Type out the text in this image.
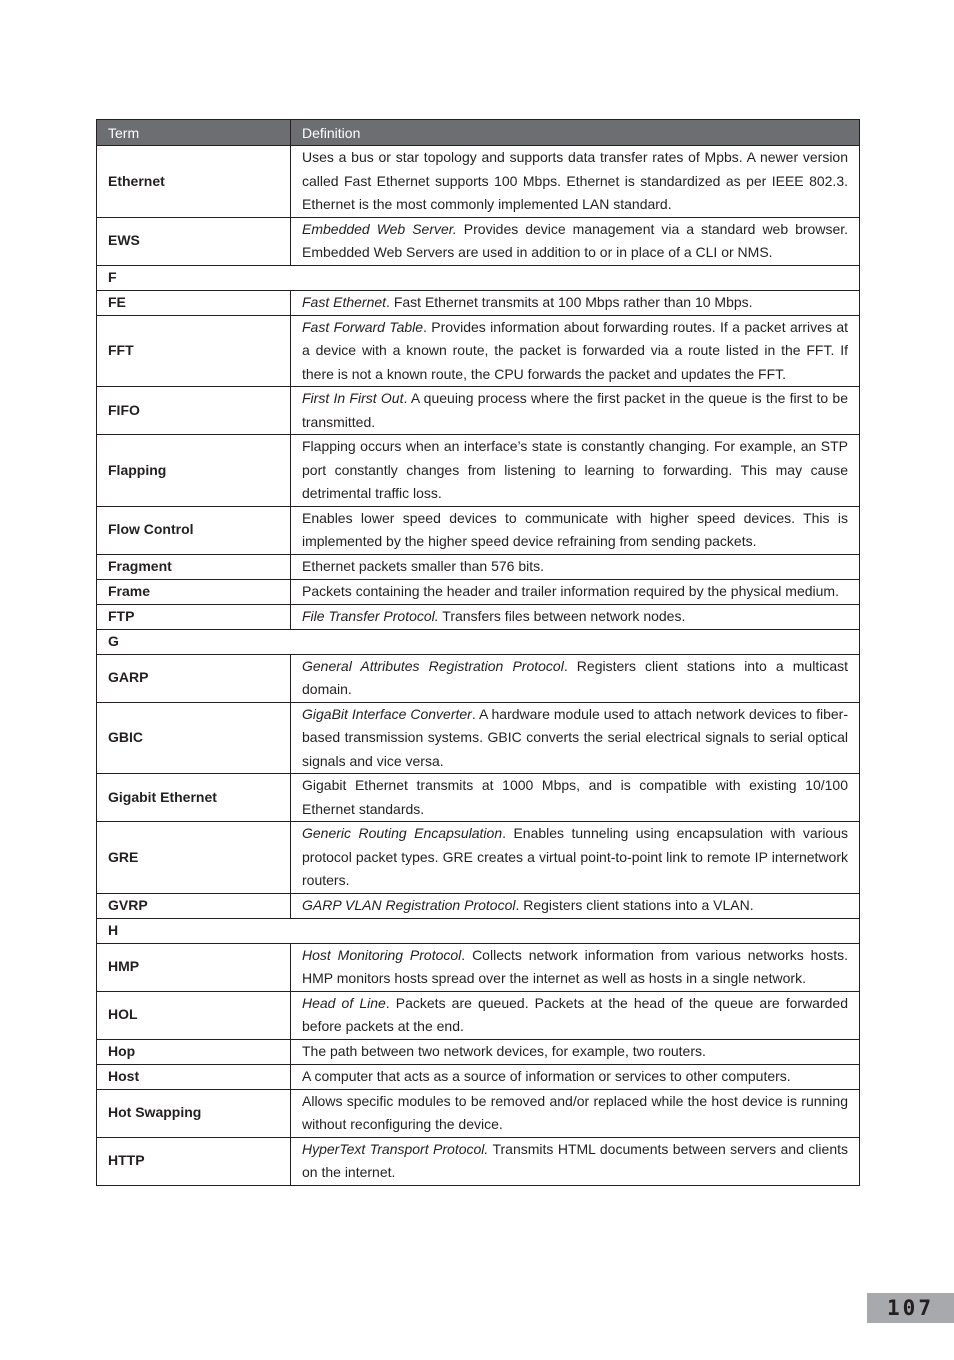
Term	Definition
Ethernet	Uses a bus or star topology and supports data transfer rates of Mpbs. A newer version called Fast Ethernet supports 100 Mbps. Ethernet is standardized as per IEEE 802.3. Ethernet is the most commonly implemented LAN standard.
EWS	Embedded Web Server. Provides device management via a standard web browser. Embedded Web Servers are used in addition to or in place of a CLI or NMS.
F	
FE	Fast Ethernet. Fast Ethernet transmits at 100 Mbps rather than 10 Mbps.
FFT	Fast Forward Table. Provides information about forwarding routes. If a packet arrives at a device with a known route, the packet is forwarded via a route listed in the FFT. If there is not a known route, the CPU forwards the packet and updates the FFT.
FIFO	First In First Out. A queuing process where the first packet in the queue is the first to be transmitted.
Flapping	Flapping occurs when an interface’s state is constantly changing. For example, an STP port constantly changes from listening to learning to forwarding. This may cause detrimental traffic loss.
Flow Control	Enables lower speed devices to communicate with higher speed devices. This is implemented by the higher speed device refraining from sending packets.
Fragment	Ethernet packets smaller than 576 bits.
Frame	Packets containing the header and trailer information required by the physical medium.
FTP	File Transfer Protocol. Transfers files between network nodes.
G	
GARP	General Attributes Registration Protocol. Registers client stations into a multicast domain.
GBIC	GigaBit Interface Converter. A hardware module used to attach network devices to fiber-based transmission systems. GBIC converts the serial electrical signals to serial optical signals and vice versa.
Gigabit Ethernet	Gigabit Ethernet transmits at 1000 Mbps, and is compatible with existing 10/100 Ethernet standards.
GRE	Generic Routing Encapsulation. Enables tunneling using encapsulation with various protocol packet types. GRE creates a virtual point-to-point link to remote IP internetwork routers.
GVRP	GARP VLAN Registration Protocol. Registers client stations into a VLAN.
H	
HMP	Host Monitoring Protocol. Collects network information from various networks hosts. HMP monitors hosts spread over the internet as well as hosts in a single network.
HOL	Head of Line. Packets are queued. Packets at the head of the queue are forwarded before packets at the end.
Hop	The path between two network devices, for example, two routers.
Host	A computer that acts as a source of information or services to other computers.
Hot Swapping	Allows specific modules to be removed and/or replaced while the host device is running without reconfiguring the device.
HTTP	HyperText Transport Protocol. Transmits HTML documents between servers and clients on the internet.
107
